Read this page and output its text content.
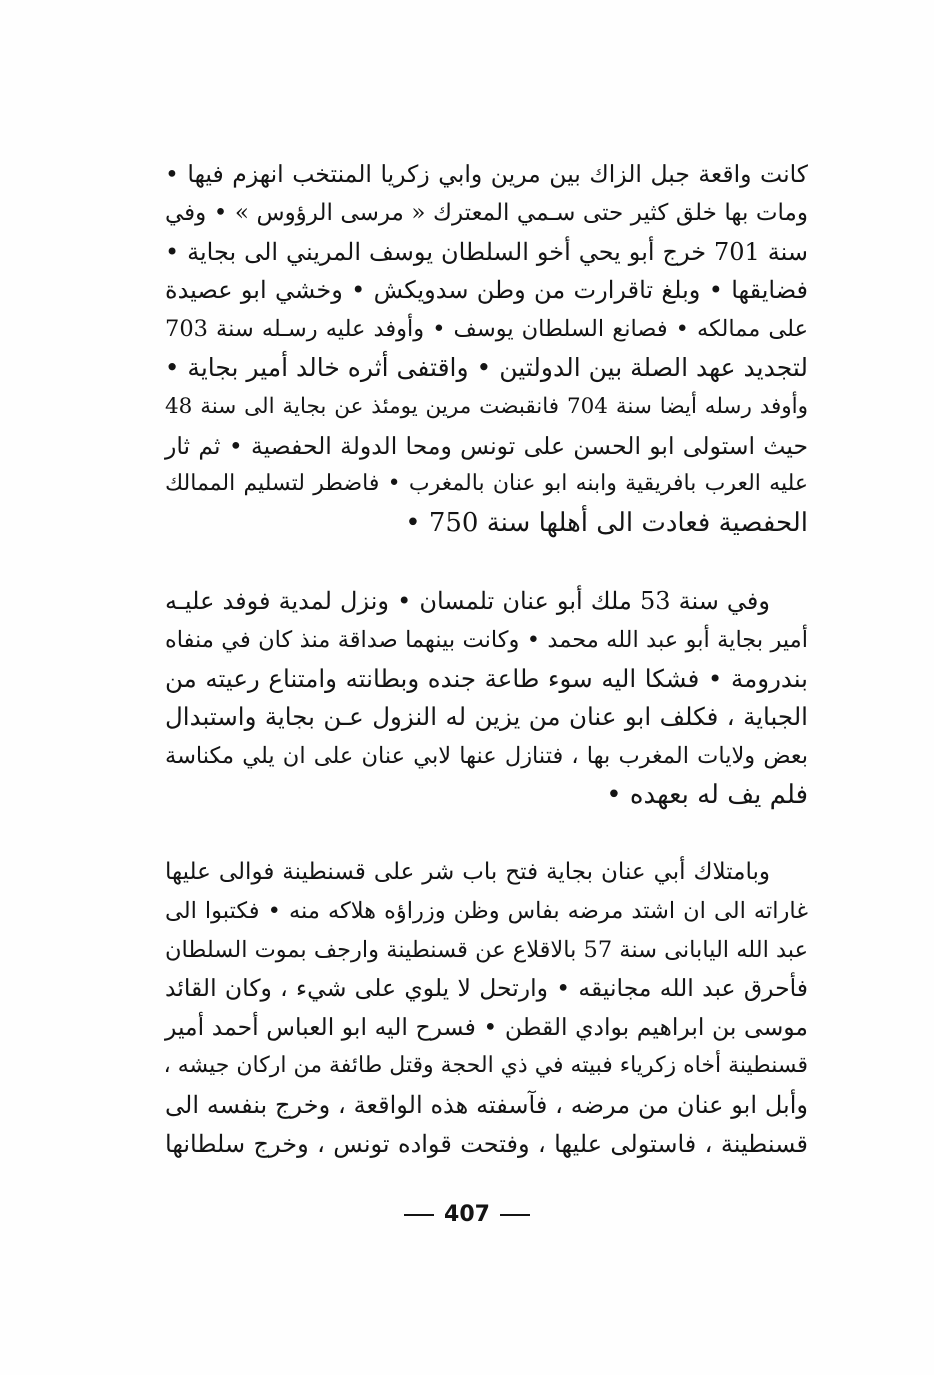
كانت واقعة جبل الزاك بين مرين وابي زكريا المنتخب انهزم فيها •
ومات بها خلق كثير حتى سـمي المعترك « مرسى الرؤوس » • وفي
سنة 701 خرج أبو يحي أخو السلطان يوسف المريني الى بجاية •
فضايقها • وبلغ تاقرارت من وطن سدويكش • وخشي ابو عصيدة
على ممالكه • فصانع السلطان يوسف • وأوفد عليه رسـله سنة 703
لتجديد عهد الصلة بين الدولتين • واقتفى أثره خالد أمير بجاية •
وأوفد رسله أيضا سنة 704 فانقبضت مرين يومئذ عن بجاية الى سنة 48
حيث استولى ابو الحسن على تونس ومحا الدولة الحفصية • ثم ثار
عليه العرب بافريقية وابنه ابو عنان بالمغرب • فاضطر لتسليم الممالك
الحفصية فعادت الى أهلها سنة 750 •
وفي سنة 53 ملك أبو عنان تلمسان • ونزل لمدية فوفد عليـه
أمير بجاية أبو عبد الله محمد • وكانت بينهما صداقة منذ كان في منفاه
بندرومة • فشكا اليه سوء طاعة جنده وبطانته وامتناع رعيته من
الجباية ، فكلف ابو عنان من يزين له النزول عـن بجاية واستبدال
بعض ولايات المغرب بها ، فتنازل عنها لابي عنان على ان يلي مكناسة
فلم يف له بعهده •
وبامتلاك أبي عنان بجاية فتح باب شر على قسنطينة فوالى عليها
غاراته الى ان اشتد مرضه بفاس وظن وزراؤه هلاكه منه • فكتبوا الى
عبد الله اليابانى سنة 57 بالاقلاع عن قسنطينة وارجف بموت السلطان
فأحرق عبد الله مجانيقه • وارتحل لا يلوي على شيء ، وكان القائد
موسى بن ابراهيم بوادي القطن • فسرح اليه ابو العباس أحمد أمير
قسنطينة أخاه زكرياء فبيته في ذي الحجة وقتل طائفة من اركان جيشه ،
وأبل ابو عنان من مرضه ، فآسفته هذه الواقعة ، وخرج بنفسه الى
قسنطينة ، فاستولى عليها ، وفتحت قواده تونس ، وخرج سلطانها
407
